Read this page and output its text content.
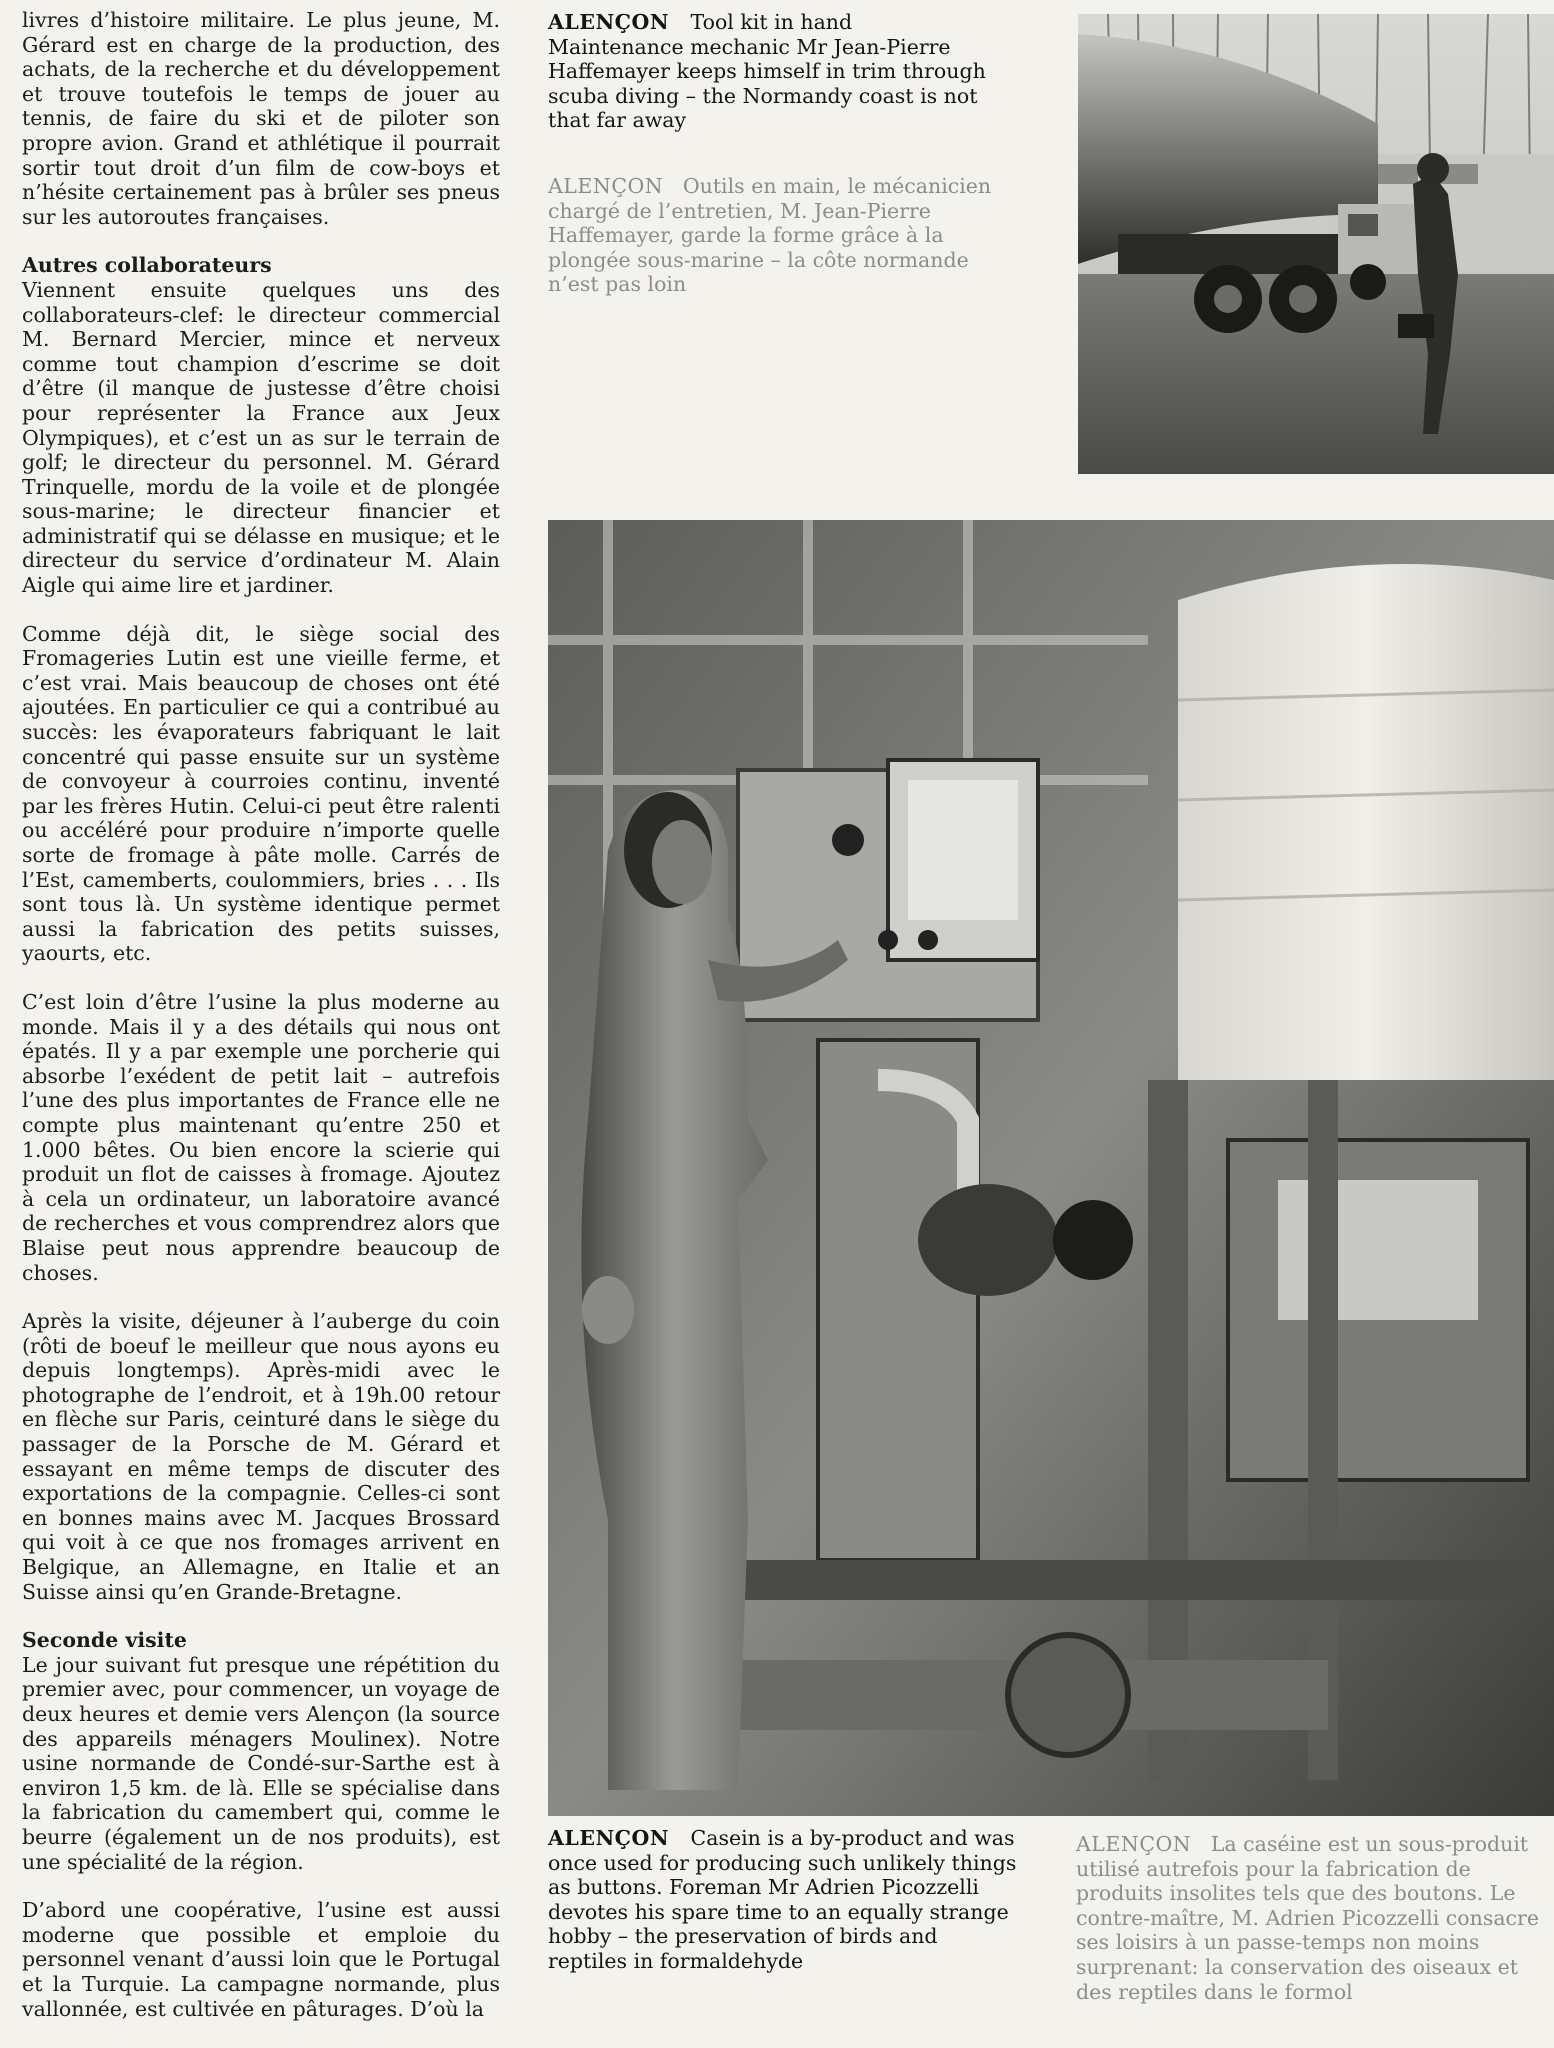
livres d’histoire militaire. Le plus jeune, M. Gérard est en charge de la production, des achats, de la recherche et du développement et trouve toutefois le temps de jouer au tennis, de faire du ski et de piloter son propre avion. Grand et athlétique il pourrait sortir tout droit d’un film de cow-boys et n’hésite certainement pas à brûler ses pneus sur les autoroutes françaises.

Autres collaborateurs

Viennent ensuite quelques uns des collaborateurs-clef: le directeur commercial M. Bernard Mercier, mince et nerveux comme tout champion d’escrime se doit d’être (il manque de justesse d’être choisi pour représenter la France aux Jeux Olympiques), et c’est un as sur le terrain de golf; le directeur du personnel. M. Gérard Trinquelle, mordu de la voile et de plongée sous-marine; le directeur financier et administratif qui se délasse en musique; et le directeur du service d’ordinateur M. Alain Aigle qui aime lire et jardiner.

Comme déjà dit, le siège social des Fromageries Lutin est une vieille ferme, et c’est vrai. Mais beaucoup de choses ont été ajoutées. En particulier ce qui a contribué au succès: les évaporateurs fabriquant le lait concentré qui passe ensuite sur un système de convoyeur à courroies continu, inventé par les frères Hutin. Celui-ci peut être ralenti ou accéléré pour produire n’importe quelle sorte de fromage à pâte molle. Carrés de l’Est, camemberts, coulommiers, bries . . . Ils sont tous là. Un système identique permet aussi la fabrication des petits suisses, yaourts, etc.

C’est loin d’être l’usine la plus moderne au monde. Mais il y a des détails qui nous ont épatés. Il y a par exemple une porcherie qui absorbe l’exédent de petit lait – autrefois l’une des plus importantes de France elle ne compte plus maintenant qu’entre 250 et 1.000 bêtes. Ou bien encore la scierie qui produit un flot de caisses à fromage. Ajoutez à cela un ordinateur, un laboratoire avancé de recherches et vous comprendrez alors que Blaise peut nous apprendre beaucoup de choses.

Après la visite, déjeuner à l’auberge du coin (rôti de boeuf le meilleur que nous ayons eu depuis longtemps). Après-midi avec le photographe de l’endroit, et à 19h.00 retour en flèche sur Paris, ceinturé dans le siège du passager de la Porsche de M. Gérard et essayant en même temps de discuter des exportations de la compagnie. Celles-ci sont en bonnes mains avec M. Jacques Brossard qui voit à ce que nos fromages arrivent en Belgique, an Allemagne, en Italie et an Suisse ainsi qu’en Grande-Bretagne.

Seconde visite

Le jour suivant fut presque une répétition du premier avec, pour commencer, un voyage de deux heures et demie vers Alençon (la source des appareils ménagers Moulinex). Notre usine normande de Condé-sur-Sarthe est à environ 1,5 km. de là. Elle se spécialise dans la fabrication du camembert qui, comme le beurre (également un de nos produits), est une spécialité de la région.

D’abord une coopérative, l’usine est aussi moderne que possible et emploie du personnel venant d’aussi loin que le Portugal et la Turquie. La campagne normande, plus vallonnée, est cultivée en pâturages. D’où la

ALENÇON Tool kit in hand Maintenance mechanic Mr Jean-Pierre Haffemayer keeps himself in trim through scuba diving – the Normandy coast is not that far away
ALENÇON Outils en main, le mécanicien chargé de l’entretien, M. Jean-Pierre Haffemayer, garde la forme grâce à la plongée sous-marine – la côte normande n’est pas loin
ALENÇON Casein is a by-product and was once used for producing such unlikely things as buttons. Foreman Mr Adrien Picozzelli devotes his spare time to an equally strange hobby – the preservation of birds and reptiles in formaldehyde
ALENÇON La caséine est un sous-produit utilisé autrefois pour la fabrication de produits insolites tels que des boutons. Le contre-maître, M. Adrien Picozzelli consacre ses loisirs à un passe-temps non moins surprenant: la conservation des oiseaux et des reptiles dans le formol
